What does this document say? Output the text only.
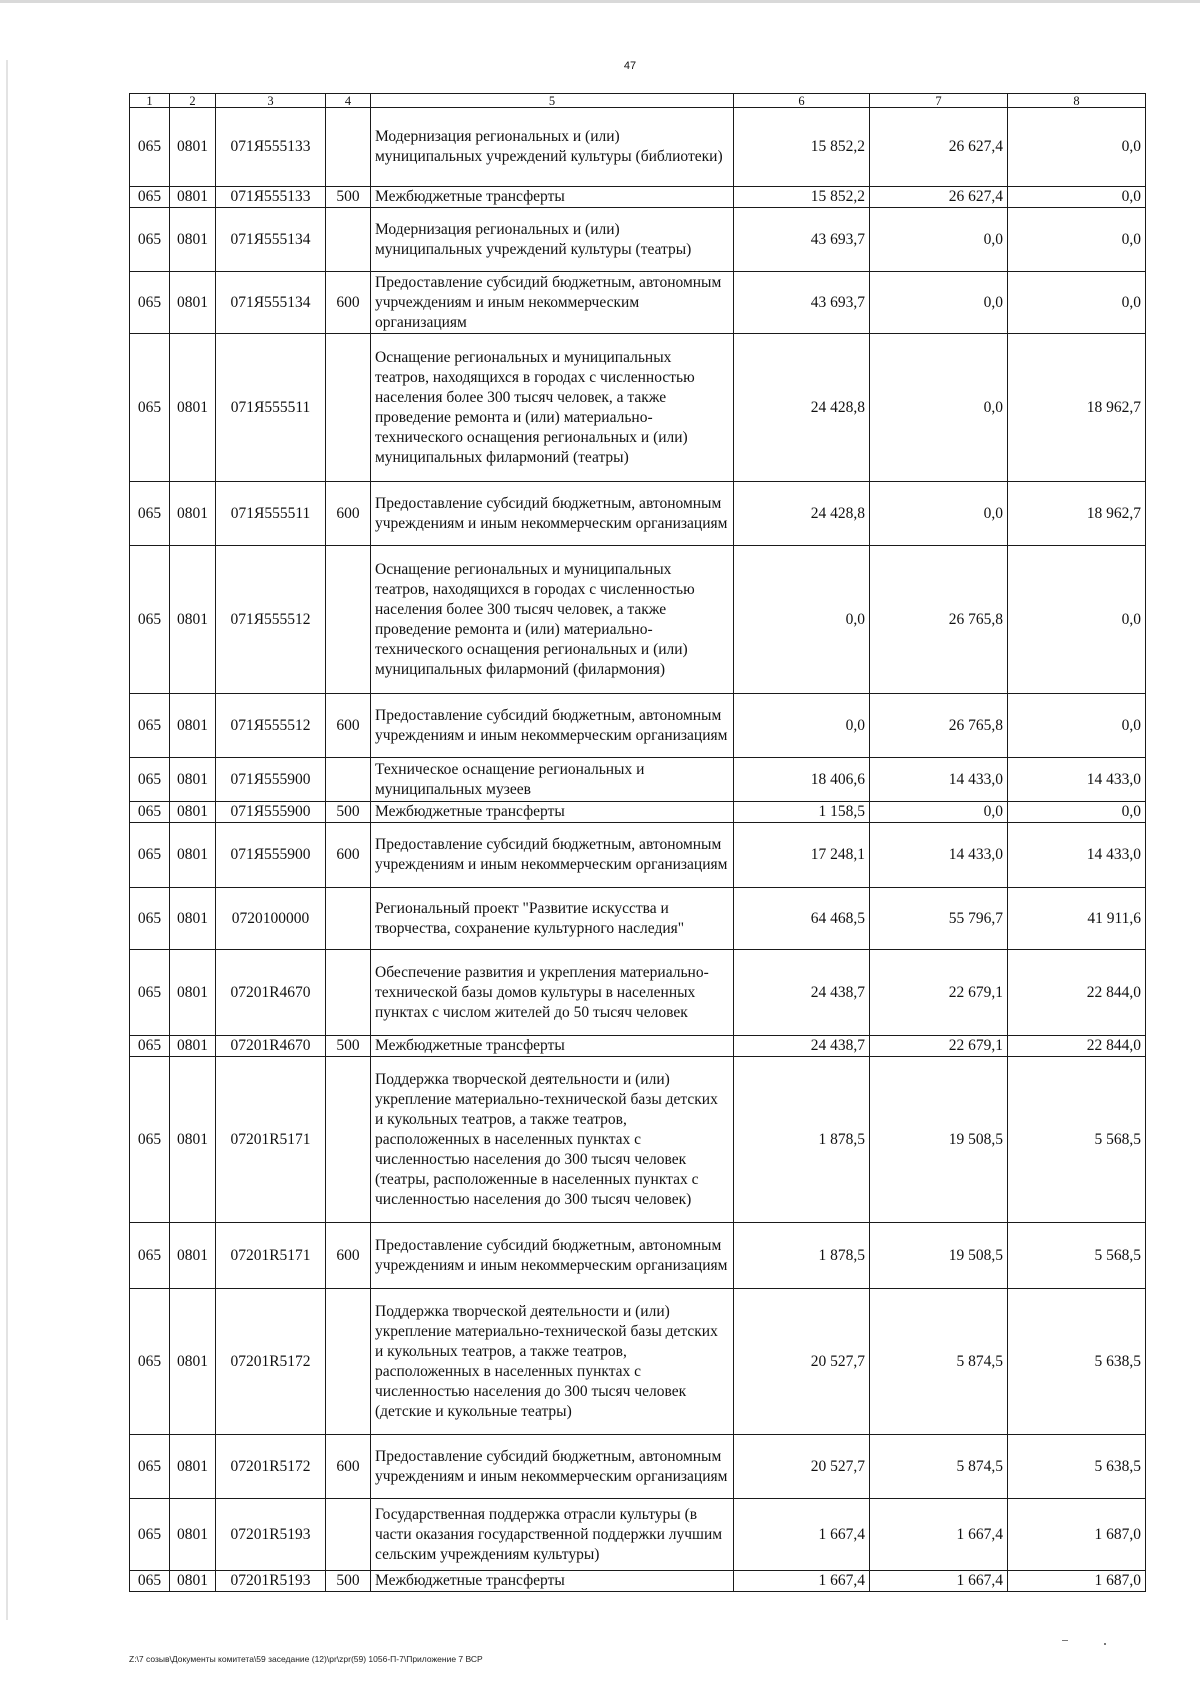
47
1	2	3	4	5	6	7	8
065	0801	071Я555133		Модернизация региональных и (или) муниципальных учреждений культуры (библиотеки)	15 852,2	26 627,4	0,0
065	0801	071Я555133	500	Межбюджетные трансферты	15 852,2	26 627,4	0,0
065	0801	071Я555134		Модернизация региональных и (или) муниципальных учреждений культуры (театры)	43 693,7	0,0	0,0
065	0801	071Я555134	600	Предоставление субсидий бюджетным, автономным учрчеждениям и иным некоммерческим организациям	43 693,7	0,0	0,0
065	0801	071Я555511		Оснащение региональных и муниципальных театров, находящихся в городах с численностью населения более 300 тысяч человек, а также проведение ремонта и (или) материально-технического оснащения региональных и (или) муниципальных филармоний (театры)	24 428,8	0,0	18 962,7
065	0801	071Я555511	600	Предоставление субсидий бюджетным, автономным учреждениям и иным некоммерческим организациям	24 428,8	0,0	18 962,7
065	0801	071Я555512		Оснащение региональных и муниципальных театров, находящихся в городах с численностью населения более 300 тысяч человек, а также проведение ремонта и (или) материально-технического оснащения региональных и (или) муниципальных филармоний (филармония)	0,0	26 765,8	0,0
065	0801	071Я555512	600	Предоставление субсидий бюджетным, автономным учреждениям и иным некоммерческим организациям	0,0	26 765,8	0,0
065	0801	071Я555900		Техническое оснащение региональных и муниципальных музеев	18 406,6	14 433,0	14 433,0
065	0801	071Я555900	500	Межбюджетные трансферты	1 158,5	0,0	0,0
065	0801	071Я555900	600	Предоставление субсидий бюджетным, автономным учреждениям и иным некоммерческим организациям	17 248,1	14 433,0	14 433,0
065	0801	0720100000		Региональный проект "Развитие искусства и творчества, сохранение культурного наследия"	64 468,5	55 796,7	41 911,6
065	0801	07201R4670		Обеспечение развития и укрепления материально-технической базы домов культуры в населенных пунктах с числом жителей до 50 тысяч человек	24 438,7	22 679,1	22 844,0
065	0801	07201R4670	500	Межбюджетные трансферты	24 438,7	22 679,1	22 844,0
065	0801	07201R5171		Поддержка творческой деятельности и (или) укрепление материально-технической базы детских и кукольных театров, а также театров, расположенных в населенных пунктах с численностью населения до 300 тысяч человек (театры, расположенные в населенных пунктах с численностью населения до 300 тысяч человек)	1 878,5	19 508,5	5 568,5
065	0801	07201R5171	600	Предоставление субсидий бюджетным, автономным учреждениям и иным некоммерческим организациям	1 878,5	19 508,5	5 568,5
065	0801	07201R5172		Поддержка творческой деятельности и (или) укрепление материально-технической базы детских и кукольных театров, а также театров, расположенных в населенных пунктах с численностью населения до 300 тысяч человек (детские и кукольные театры)	20 527,7	5 874,5	5 638,5
065	0801	07201R5172	600	Предоставление субсидий бюджетным, автономным учреждениям и иным некоммерческим организациям	20 527,7	5 874,5	5 638,5
065	0801	07201R5193		Государственная поддержка отрасли культуры (в части оказания государственной поддержки лучшим сельским учреждениям культуры)	1 667,4	1 667,4	1 687,0
065	0801	07201R5193	500	Межбюджетные трансферты	1 667,4	1 667,4	1 687,0
Z:\7 созыв\Документы комитета\59 заседание (12)\pr\zpr(59) 1056-П-7\Приложение 7 ВСР
